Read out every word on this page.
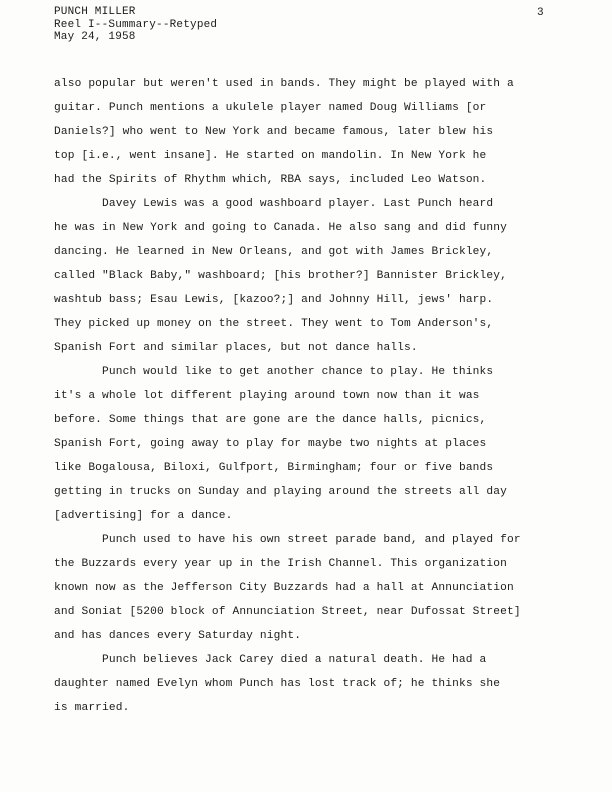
PUNCH MILLER
Reel I--Summary--Retyped
May 24, 1958
3
also popular but weren't used in bands. They might be played with a
guitar. Punch mentions a ukulele player named Doug Williams [or
Daniels?] who went to New York and became famous, later blew his
top [i.e., went insane]. He started on mandolin. In New York he
had the Spirits of Rhythm which, RBA says, included Leo Watson.
Davey Lewis was a good washboard player. Last Punch heard
he was in New York and going to Canada. He also sang and did funny
dancing. He learned in New Orleans, and got with James Brickley,
called "Black Baby," washboard; [his brother?] Bannister Brickley,
washtub bass; Esau Lewis, [kazoo?;] and Johnny Hill, jews' harp.
They picked up money on the street. They went to Tom Anderson's,
Spanish Fort and similar places, but not dance halls.
Punch would like to get another chance to play. He thinks
it's a whole lot different playing around town now than it was
before. Some things that are gone are the dance halls, picnics,
Spanish Fort, going away to play for maybe two nights at places
like Bogalousa, Biloxi, Gulfport, Birmingham; four or five bands
getting in trucks on Sunday and playing around the streets all day
[advertising] for a dance.
Punch used to have his own street parade band, and played for
the Buzzards every year up in the Irish Channel. This organization
known now as the Jefferson City Buzzards had a hall at Annunciation
and Soniat [5200 block of Annunciation Street, near Dufossat Street]
and has dances every Saturday night.
Punch believes Jack Carey died a natural death. He had a
daughter named Evelyn whom Punch has lost track of; he thinks she
is married.
